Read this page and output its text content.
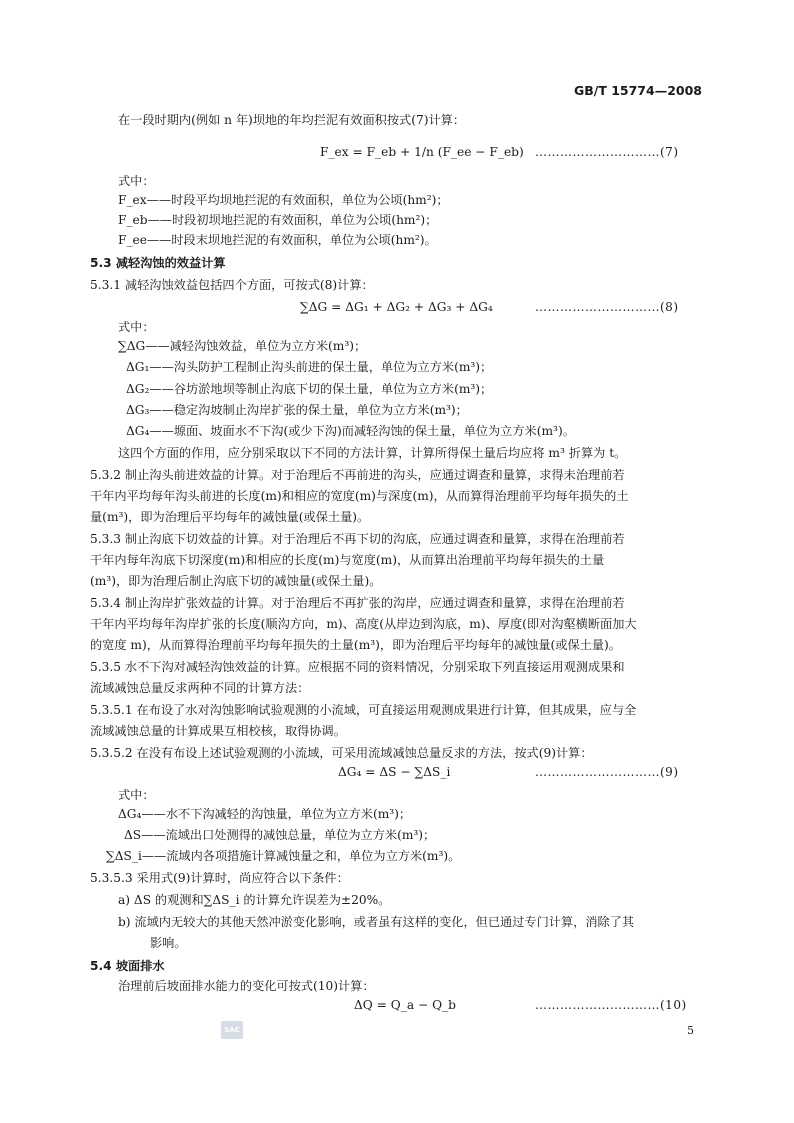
GB/T 15774—2008
在一段时期内(例如 n 年)坝地的年均拦泥有效面积按式(7)计算：
式中：
F_ex——时段平均坝地拦泥的有效面积，单位为公顷(hm²)；
F_eb——时段初坝地拦泥的有效面积，单位为公顷(hm²)；
F_ee——时段末坝地拦泥的有效面积，单位为公顷(hm²)。
5.3 减轻沟蚀的效益计算
5.3.1 减轻沟蚀效益包括四个方面，可按式(8)计算：
式中：
∑ΔG——减轻沟蚀效益，单位为立方米(m³)；
ΔG₁——沟头防护工程制止沟头前进的保土量，单位为立方米(m³)；
ΔG₂——谷坊淤地坝等制止沟底下切的保土量，单位为立方米(m³)；
ΔG₃——稳定沟坡制止沟岸扩张的保土量，单位为立方米(m³)；
ΔG₄——塬面、坡面水不下沟(或少下沟)而减轻沟蚀的保土量，单位为立方米(m³)。
这四个方面的作用，应分别采取以下不同的方法计算，计算所得保土量后均应将 m³ 折算为 t。
5.3.2 制止沟头前进效益的计算。对于治理后不再前进的沟头，应通过调查和量算，求得未治理前若
干年内平均每年沟头前进的长度(m)和相应的宽度(m)与深度(m)，从而算得治理前平均每年损失的土
量(m³)，即为治理后平均每年的减蚀量(或保土量)。
5.3.3 制止沟底下切效益的计算。对于治理后不再下切的沟底，应通过调查和量算，求得在治理前若
干年内每年沟底下切深度(m)和相应的长度(m)与宽度(m)，从而算出治理前平均每年损失的土量
(m³)，即为治理后制止沟底下切的减蚀量(或保土量)。
5.3.4 制止沟岸扩张效益的计算。对于治理后不再扩张的沟岸，应通过调查和量算，求得在治理前若
干年内平均每年沟岸扩张的长度(顺沟方向，m)、高度(从岸边到沟底，m)、厚度(即对沟壑横断面加大
的宽度 m)，从而算得治理前平均每年损失的土量(m³)，即为治理后平均每年的减蚀量(或保土量)。
5.3.5 水不下沟对减轻沟蚀效益的计算。应根据不同的资料情况，分别采取下列直接运用观测成果和
流域减蚀总量反求两种不同的计算方法：
5.3.5.1 在布设了水对沟蚀影响试验观测的小流域，可直接运用观测成果进行计算，但其成果，应与全
流域减蚀总量的计算成果互相校核，取得协调。
5.3.5.2 在没有布设上述试验观测的小流域，可采用流域减蚀总量反求的方法，按式(9)计算：
式中：
ΔG₄——水不下沟减轻的沟蚀量，单位为立方米(m³)；
ΔS——流域出口处测得的减蚀总量，单位为立方米(m³)；
∑ΔS_i——流域内各项措施计算减蚀量之和，单位为立方米(m³)。
5.3.5.3 采用式(9)计算时，尚应符合以下条件：
a) ΔS 的观测和∑ΔS_i 的计算允许误差为±20%。
b) 流域内无较大的其他天然冲淤变化影响，或者虽有这样的变化，但已通过专门计算，消除了其
影响。
5.4 坡面排水
治理前后坡面排水能力的变化可按式(10)计算：
F_ex = F_eb + 1/n (F_ee − F_eb) …………………………(7)
∑ΔG = ΔG₁ + ΔG₂ + ΔG₃ + ΔG₄	…………………………(8)
ΔG₄ = ΔS − ∑ΔS_i	…………………………(9)
ΔQ = Q_a − Q_b	…………………………(10)
SAC	5
